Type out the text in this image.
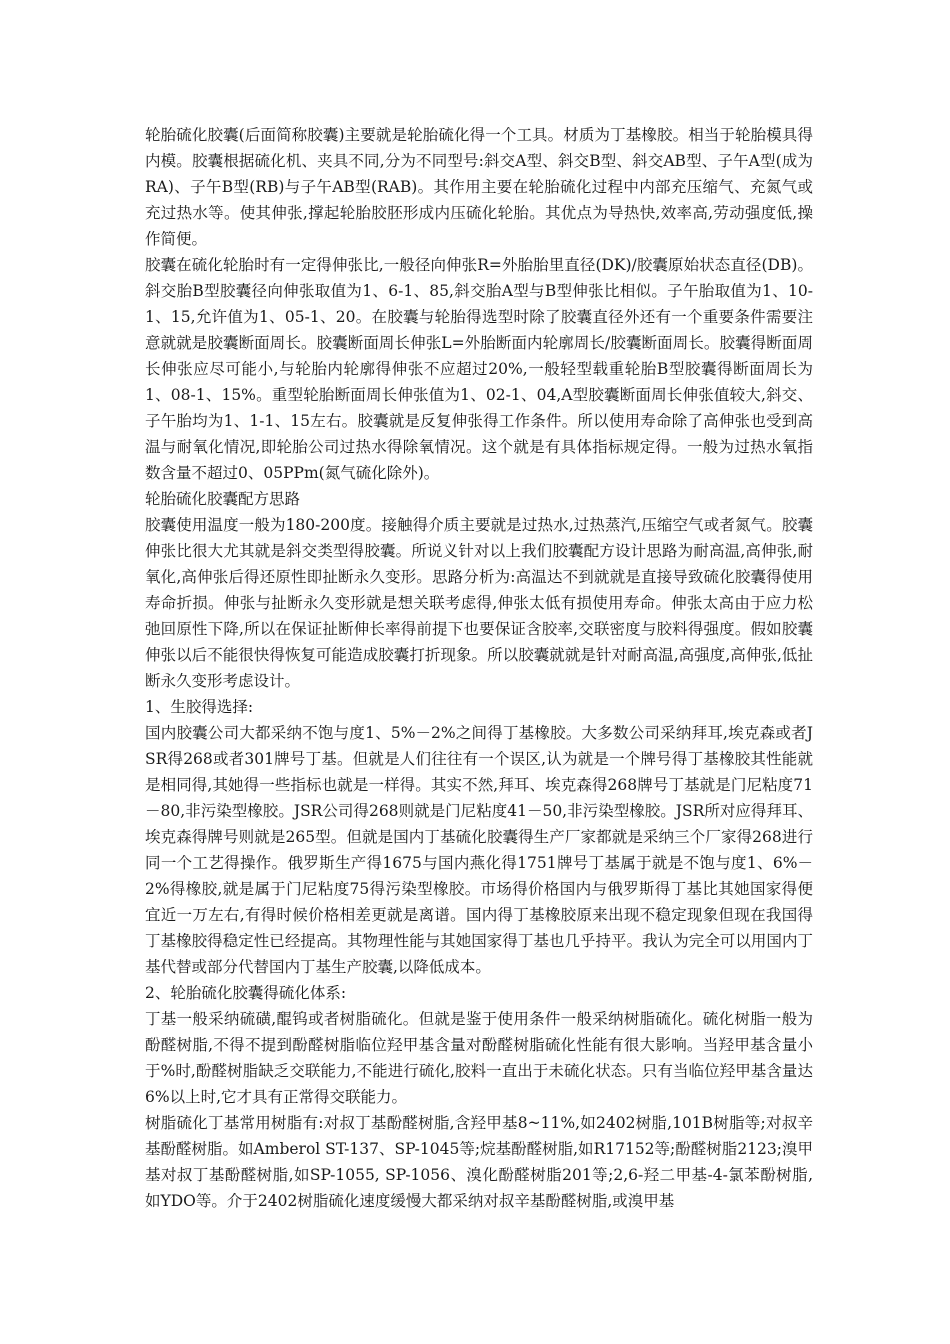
轮胎硫化胶囊(后面简称胶囊)主要就是轮胎硫化得一个工具。材质为丁基橡胶。相当于轮胎模具得内模。胶囊根据硫化机、夹具不同,分为不同型号:斜交A型、斜交B型、斜交AB型、子午A型(成为RA)、子午B型(RB)与子午AB型(RAB)。其作用主要在轮胎硫化过程中内部充压缩气、充氮气或充过热水等。使其伸张,撑起轮胎胶胚形成内压硫化轮胎。其优点为导热快,效率高,劳动强度低,操作简便。

胶囊在硫化轮胎时有一定得伸张比,一般径向伸张R=外胎胎里直径(DK)/胶囊原始状态直径(DB)。斜交胎B型胶囊径向伸张取值为1、6-1、85,斜交胎A型与B型伸张比相似。子午胎取值为1、10-1、15,允许值为1、05-1、20。在胶囊与轮胎得选型时除了胶囊直径外还有一个重要条件需要注意就就是胶囊断面周长。胶囊断面周长伸张L=外胎断面内轮廓周长/胶囊断面周长。胶囊得断面周长伸张应尽可能小,与轮胎内轮廓得伸张不应超过20%,一般轻型载重轮胎B型胶囊得断面周长为1、08-1、15%。重型轮胎断面周长伸张值为1、02-1、04,A型胶囊断面周长伸张值较大,斜交、子午胎均为1、1-1、15左右。胶囊就是反复伸张得工作条件。所以使用寿命除了高伸张也受到高温与耐氧化情况,即轮胎公司过热水得除氧情况。这个就是有具体指标规定得。一般为过热水氧指数含量不超过0、05PPm(氮气硫化除外)。

轮胎硫化胶囊配方思路

胶囊使用温度一般为180-200度。接触得介质主要就是过热水,过热蒸汽,压缩空气或者氮气。胶囊伸张比很大尤其就是斜交类型得胶囊。所说义针对以上我们胶囊配方设计思路为耐高温,高伸张,耐氧化,高伸张后得还原性即扯断永久变形。思路分析为:高温达不到就就是直接导致硫化胶囊得使用寿命折损。伸张与扯断永久变形就是想关联考虑得,伸张太低有损使用寿命。伸张太高由于应力松弛回原性下降,所以在保证扯断伸长率得前提下也要保证含胶率,交联密度与胶料得强度。假如胶囊伸张以后不能很快得恢复可能造成胶囊打折现象。所以胶囊就就是针对耐高温,高强度,高伸张,低扯断永久变形考虑设计。

1、生胶得选择:

国内胶囊公司大都采纳不饱与度1、5%－2%之间得丁基橡胶。大多数公司采纳拜耳,埃克森或者JSR得268或者301牌号丁基。但就是人们往往有一个误区,认为就是一个牌号得丁基橡胶其性能就是相同得,其她得一些指标也就是一样得。其实不然,拜耳、埃克森得268牌号丁基就是门尼粘度71－80,非污染型橡胶。JSR公司得268则就是门尼粘度41－50,非污染型橡胶。JSR所对应得拜耳、埃克森得牌号则就是265型。但就是国内丁基硫化胶囊得生产厂家都就是采纳三个厂家得268进行同一个工艺得操作。俄罗斯生产得1675与国内燕化得1751牌号丁基属于就是不饱与度1、6%－2%得橡胶,就是属于门尼粘度75得污染型橡胶。市场得价格国内与俄罗斯得丁基比其她国家得便宜近一万左右,有得时候价格相差更就是离谱。国内得丁基橡胶原来出现不稳定现象但现在我国得丁基橡胶得稳定性已经提高。其物理性能与其她国家得丁基也几乎持平。我认为完全可以用国内丁基代替或部分代替国内丁基生产胶囊,以降低成本。

2、轮胎硫化胶囊得硫化体系:

丁基一般采纳硫磺,醌钨或者树脂硫化。但就是鉴于使用条件一般采纳树脂硫化。硫化树脂一般为酚醛树脂,不得不提到酚醛树脂临位羟甲基含量对酚醛树脂硫化性能有很大影响。当羟甲基含量小于%时,酚醛树脂缺乏交联能力,不能进行硫化,胶料一直出于未硫化状态。只有当临位羟甲基含量达6%以上时,它才具有正常得交联能力。

树脂硫化丁基常用树脂有:对叔丁基酚醛树脂,含羟甲基8~11%,如2402树脂,101B树脂等;对叔辛基酚醛树脂。如Amberol ST-137、SP-1045等;烷基酚醛树脂,如R17152等;酚醛树脂2123;溴甲基对叔丁基酚醛树脂,如SP-1055, SP-1056、溴化酚醛树脂201等;2,6-羟二甲基-4-氯苯酚树脂,如YDO等。介于2402树脂硫化速度缓慢大都采纳对叔辛基酚醛树脂,或溴甲基
